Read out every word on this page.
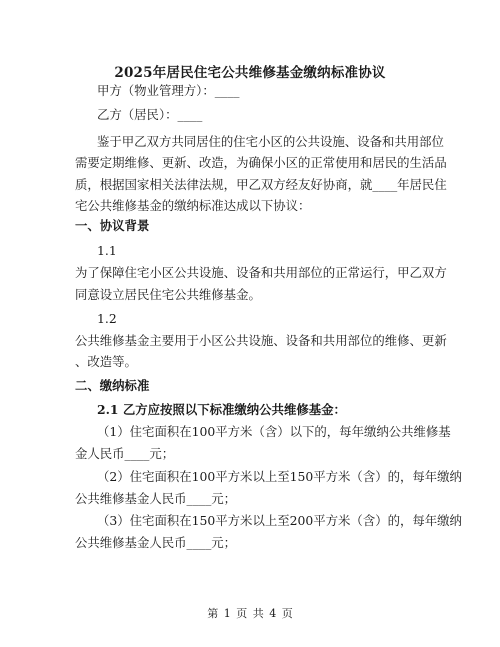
2025年居民住宅公共维修基金缴纳标准协议
甲方（物业管理方）：____
乙方（居民）：____
鉴于甲乙双方共同居住的住宅小区的公共设施、设备和共用部位
需要定期维修、更新、改造，为确保小区的正常使用和居民的生活品
质，根据国家相关法律法规，甲乙双方经友好协商，就____年居民住
宅公共维修基金的缴纳标准达成以下协议：
一、协议背景
1.1
为了保障住宅小区公共设施、设备和共用部位的正常运行，甲乙双方
同意设立居民住宅公共维修基金。
1.2
公共维修基金主要用于小区公共设施、设备和共用部位的维修、更新
、改造等。
二、缴纳标准
2.1 乙方应按照以下标准缴纳公共维修基金：
（1）住宅面积在100平方米（含）以下的，每年缴纳公共维修基
金人民币____元；
（2）住宅面积在100平方米以上至150平方米（含）的，每年缴纳
公共维修基金人民币____元；
（3）住宅面积在150平方米以上至200平方米（含）的，每年缴纳
公共维修基金人民币____元；
第 1 页 共 4 页
